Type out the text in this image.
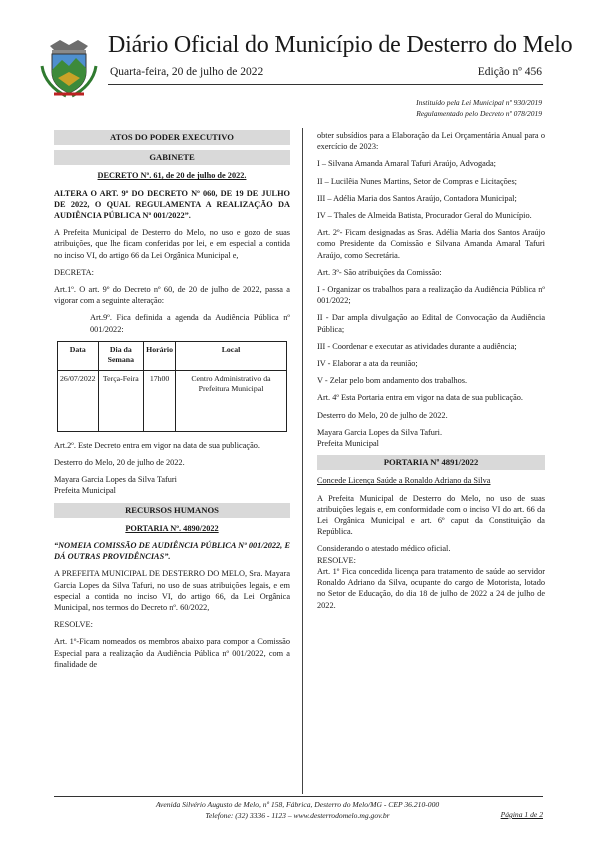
Diário Oficial do Município de Desterro do Melo
Quarta-feira, 20 de julho de 2022	Edição nº 456
Instituído pela Lei Municipal nº 930/2019
Regulamentado pelo Decreto nº 078/2019
ATOS DO PODER EXECUTIVO
GABINETE

DECRETO Nº. 61, de 20 de julho de 2022.

ALTERA O ART. 9º DO DECRETO Nº 060, DE 19 DE JULHO DE 2022, O QUAL REGULAMENTA A REALIZAÇÃO DA AUDIÊNCIA PÚBLICA Nº 001/2022”.

A Prefeita Municipal de Desterro do Melo, no uso e gozo de suas atribuições, que lhe ficam conferidas por lei, e em especial a contida no inciso VI, do artigo 66 da Lei Orgânica Municipal e,

DECRETA:

Art.1º. O art. 9º do Decreto nº 60, de 20 de julho de 2022, passa a vigorar com a seguinte alteração:

Art.9º. Fica definida a agenda da Audiência Pública nº 001/2022:

Data	Dia da Semana	Horário	Local
26/07/2022	Terça-Feira	17h00	Centro Administrativo da Prefeitura Municipal

Art.2º. Este Decreto entra em vigor na data de sua publicação.

Desterro do Melo, 20 de julho de 2022.

Mayara Garcia Lopes da Silva Tafuri

Prefeita Municipal

RECURSOS HUMANOS

PORTARIA Nº. 4890/2022

“NOMEIA COMISSÃO DE AUDIÊNCIA PÚBLICA Nº 001/2022, E DÁ OUTRAS PROVIDÊNCIAS”.

A PREFEITA MUNICIPAL DE DESTERRO DO MELO, Sra. Mayara Garcia Lopes da Silva Tafuri, no uso de suas atribuições legais, e em especial a contida no inciso VI, do artigo 66, da Lei Orgânica Municipal, nos termos do Decreto nº. 60/2022,

RESOLVE:

Art. 1º-Ficam nomeados os membros abaixo para compor a Comissão Especial para a realização da Audiência Pública nº 001/2022, com a finalidade de

obter subsídios para a Elaboração da Lei Orçamentária Anual para o exercício de 2023:

I – Silvana Amanda Amaral Tafuri Araújo, Advogada;

II – Lucilêia Nunes Martins, Setor de Compras e Licitações;

III – Adélia Maria dos Santos Araújo, Contadora Municipal;

IV – Thales de Almeida Batista, Procurador Geral do Município.

Art. 2º- Ficam designadas as Sras. Adélia Maria dos Santos Araújo como Presidente da Comissão e Silvana Amanda Amaral Tafuri Araújo, como Secretária.

Art. 3º- São atribuições da Comissão:

I - Organizar os trabalhos para a realização da Audiência Pública nº 001/2022;

II - Dar ampla divulgação ao Edital de Convocação da Audiência Pública;

III - Coordenar e executar as atividades durante a audiência;

IV - Elaborar a ata da reunião;

V - Zelar pelo bom andamento dos trabalhos.

Art. 4º Esta Portaria entra em vigor na data de sua publicação.

Desterro do Melo, 20 de julho de 2022.

Mayara Garcia Lopes da Silva Tafuri.

Prefeita Municipal

PORTARIA Nº 4891/2022

Concede Licença Saúde a Ronaldo Adriano da Silva

A Prefeita Municipal de Desterro do Melo, no uso de suas atribuições legais e, em conformidade com o inciso VI do art. 66 da Lei Orgânica Municipal e art. 6º caput da Constituição da República.

Considerando o atestado médico oficial.

RESOLVE:

Art. 1º Fica concedida licença para tratamento de saúde ao servidor Ronaldo Adriano da Silva, ocupante do cargo de Motorista, lotado no Setor de Educação, do dia 18 de julho de 2022 a 24 de julho de 2022.

Avenida Silvério Augusto de Melo, nº 158, Fábrica, Desterro do Melo/MG - CEP 36.210-000
Telefone: (32) 3336 - 1123 – www.desterrodomelo.mg.gov.br	Página 1 de 2
